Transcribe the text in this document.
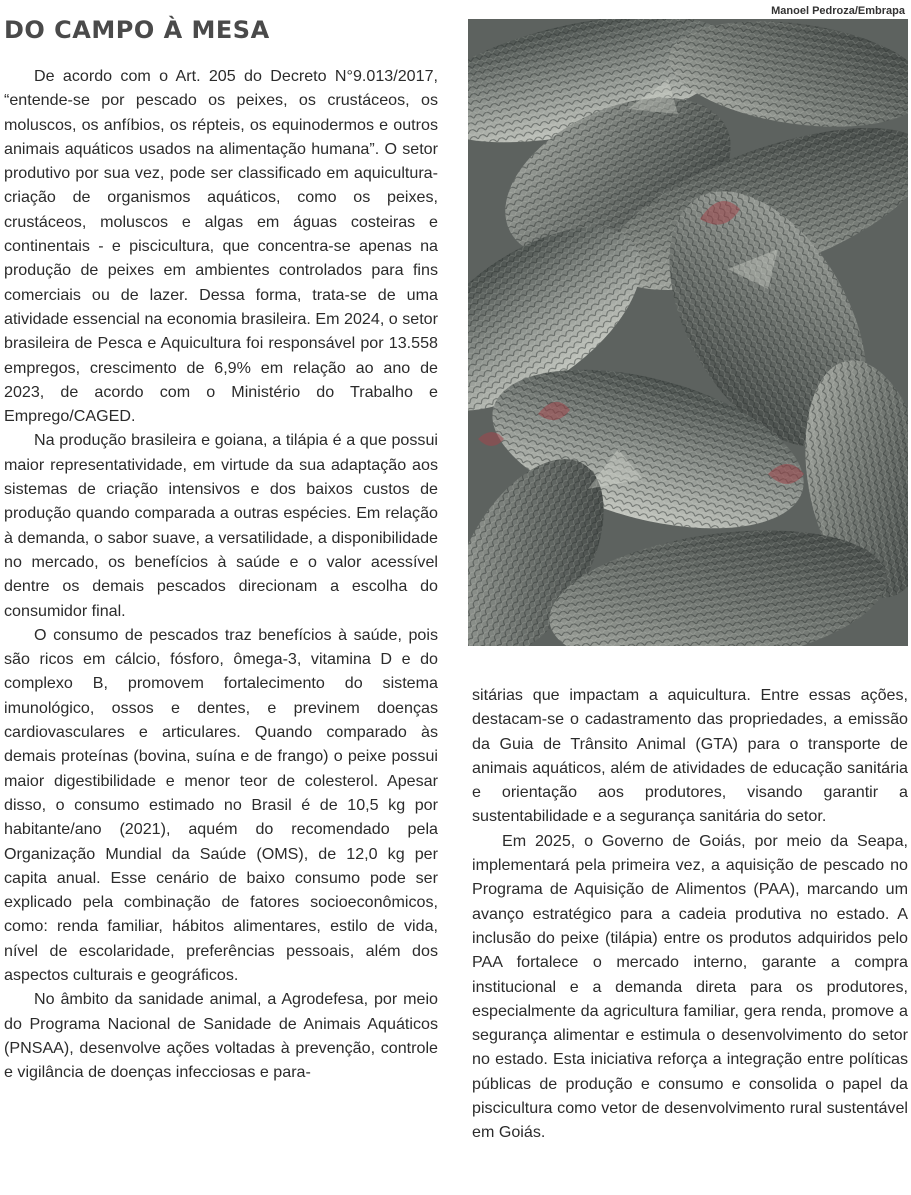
DO CAMPO À MESA
Manoel Pedroza/Embrapa

De acordo com o Art. 205 do Decreto N°9.013/2017, “entende-se por pescado os peixes, os crustáceos, os moluscos, os anfíbios, os répteis, os equinodermos e outros animais aquáticos usados na alimentação humana”. O setor produtivo por sua vez, pode ser classificado em aquicultura- criação de organismos aquáticos, como os peixes, crustáceos, moluscos e algas em águas costeiras e continentais - e piscicultura, que concentra-se apenas na produção de peixes em ambientes controlados para fins comerciais ou de lazer. Dessa forma, trata-se de uma atividade essencial na economia brasileira. Em 2024, o setor brasileira de Pesca e Aquicultura foi responsável por 13.558 empregos, crescimento de 6,9% em relação ao ano de 2023, de acordo com o Ministério do Trabalho e Emprego/CAGED.

Na produção brasileira e goiana, a tilápia é a que possui maior representatividade, em virtude da sua adaptação aos sistemas de criação intensivos e dos baixos custos de produção quando comparada a outras espécies. Em relação à demanda, o sabor suave, a versatilidade, a disponibilidade no mercado, os benefícios à saúde e o valor acessível dentre os demais pescados direcionam a escolha do consumidor final.

O consumo de pescados traz benefícios à saúde, pois são ricos em cálcio, fósforo, ômega-3, vitamina D e do complexo B, promovem fortalecimento do sistema imunológico, ossos e dentes, e previnem doenças cardiovasculares e articulares. Quando comparado às demais proteínas (bovina, suína e de frango) o peixe possui maior digestibilidade e menor teor de colesterol. Apesar disso, o consumo estimado no Brasil é de 10,5 kg por habitante/ano (2021), aquém do recomendado pela Organização Mundial da Saúde (OMS), de 12,0 kg per capita anual. Esse cenário de baixo consumo pode ser explicado pela combinação de fatores socioeconômicos, como: renda familiar, hábitos alimentares, estilo de vida, nível de escolaridade, preferências pessoais, além dos aspectos culturais e geográficos.

No âmbito da sanidade animal, a Agrodefesa, por meio do Programa Nacional de Sanidade de Animais Aquáticos (PNSAA), desenvolve ações voltadas à prevenção, controle e vigilância de doenças infecciosas e para-

sitárias que impactam a aquicultura. Entre essas ações, destacam-se o cadastramento das propriedades, a emissão da Guia de Trânsito Animal (GTA) para o transporte de animais aquáticos, além de atividades de educação sanitária e orientação aos produtores, visando garantir a sustentabilidade e a segurança sanitária do setor.

Em 2025, o Governo de Goiás, por meio da Seapa, implementará pela primeira vez, a aquisição de pescado no Programa de Aquisição de Alimentos (PAA), marcando um avanço estratégico para a cadeia produtiva no estado. A inclusão do peixe (tilápia) entre os produtos adquiridos pelo PAA fortalece o mercado interno, garante a compra institucional e a demanda direta para os produtores, especialmente da agricultura familiar, gera renda, promove a segurança alimentar e estimula o desenvolvimento do setor no estado. Esta iniciativa reforça a integração entre políticas públicas de produção e consumo e consolida o papel da piscicultura como vetor de desenvolvimento rural sustentável em Goiás.
